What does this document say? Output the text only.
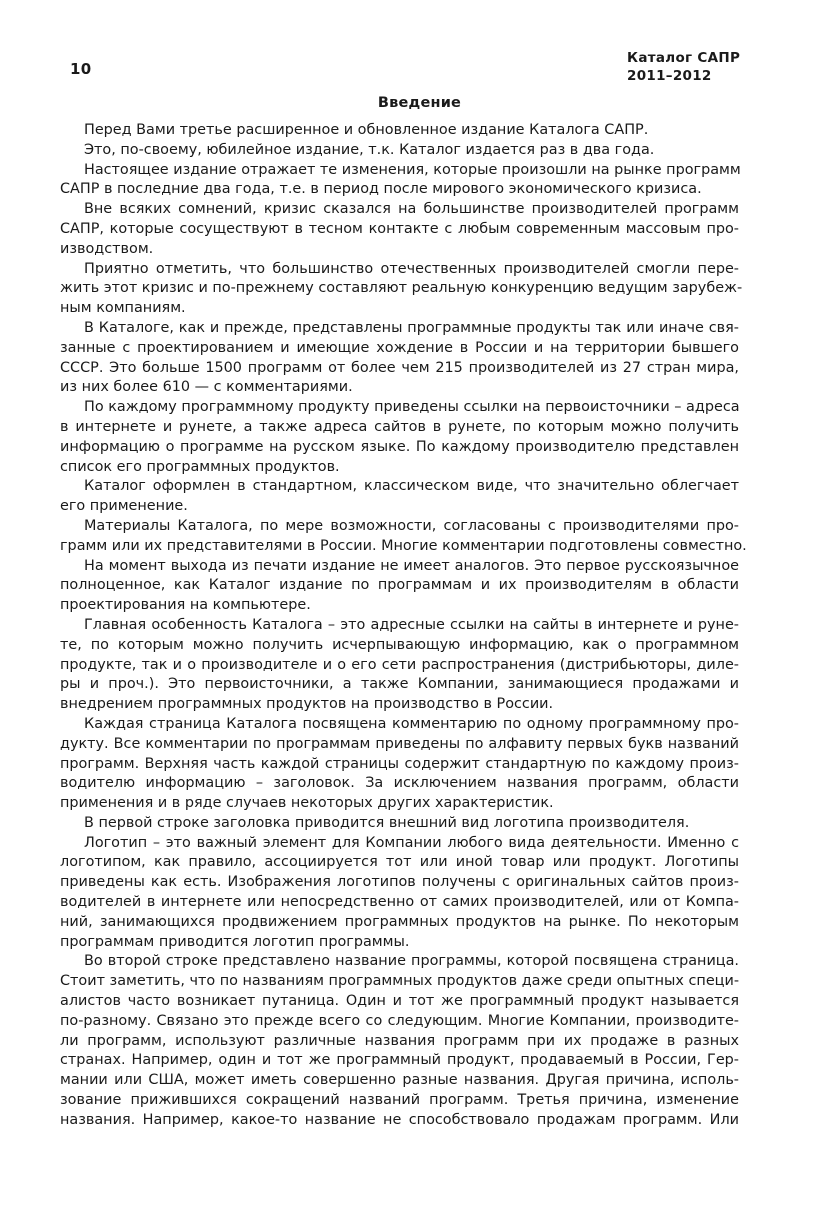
10
Каталог САПР
2011–2012
Введение
Перед Вами третье расширенное и обновленное издание Каталога САПР.
Это, по-своему, юбилейное издание, т.к. Каталог издается раз в два года.
Настоящее издание отражает те изменения, которые произошли на рынке программ
САПР в последние два года, т.е. в период после мирового экономического кризиса.
Вне всяких сомнений, кризис сказался на большинстве производителей программ
САПР, которые сосуществуют в тесном контакте с любым современным массовым про-
изводством.
Приятно отметить, что большинство отечественных производителей смогли пере-
жить этот кризис и по-прежнему составляют реальную конкуренцию ведущим зарубеж-
ным компаниям.
В Каталоге, как и прежде, представлены программные продукты так или иначе свя-
занные с проектированием и имеющие хождение в России и на территории бывшего
СССР. Это больше 1500 программ от более чем 215 производителей из 27 стран мира,
из них более 610 — с комментариями.
По каждому программному продукту приведены ссылки на первоисточники – адреса
в интернете и рунете, а также адреса сайтов в рунете, по которым можно получить
информацию о программе на русском языке. По каждому производителю представлен
список его программных продуктов.
Каталог оформлен в стандартном, классическом виде, что значительно облегчает
его применение.
Материалы Каталога, по мере возможности, согласованы с производителями про-
грамм или их представителями в России. Многие комментарии подготовлены совместно.
На момент выхода из печати издание не имеет аналогов. Это первое русскоязычное
полноценное, как Каталог издание по программам и их производителям в области
проектирования на компьютере.
Главная особенность Каталога – это адресные ссылки на сайты в интернете и руне-
те, по которым можно получить исчерпывающую информацию, как о программном
продукте, так и о производителе и о его сети распространения (дистрибьюторы, диле-
ры и проч.). Это первоисточники, а также Компании, занимающиеся продажами и
внедрением программных продуктов на производство в России.
Каждая страница Каталога посвящена комментарию по одному программному про-
дукту. Все комментарии по программам приведены по алфавиту первых букв названий
программ. Верхняя часть каждой страницы содержит стандартную по каждому произ-
водителю информацию – заголовок. За исключением названия программ, области
применения и в ряде случаев некоторых других характеристик.
В первой строке заголовка приводится внешний вид логотипа производителя.
Логотип – это важный элемент для Компании любого вида деятельности. Именно с
логотипом, как правило, ассоциируется тот или иной товар или продукт. Логотипы
приведены как есть. Изображения логотипов получены с оригинальных сайтов произ-
водителей в интернете или непосредственно от самих производителей, или от Компа-
ний, занимающихся продвижением программных продуктов на рынке. По некоторым
программам приводится логотип программы.
Во второй строке представлено название программы, которой посвящена страница.
Стоит заметить, что по названиям программных продуктов даже среди опытных специ-
алистов часто возникает путаница. Один и тот же программный продукт называется
по-разному. Связано это прежде всего со следующим. Многие Компании, производите-
ли программ, используют различные названия программ при их продаже в разных
странах. Например, один и тот же программный продукт, продаваемый в России, Гер-
мании или США, может иметь совершенно разные названия. Другая причина, исполь-
зование прижившихся сокращений названий программ. Третья причина, изменение
названия. Например, какое-то название не способствовало продажам программ. Или
